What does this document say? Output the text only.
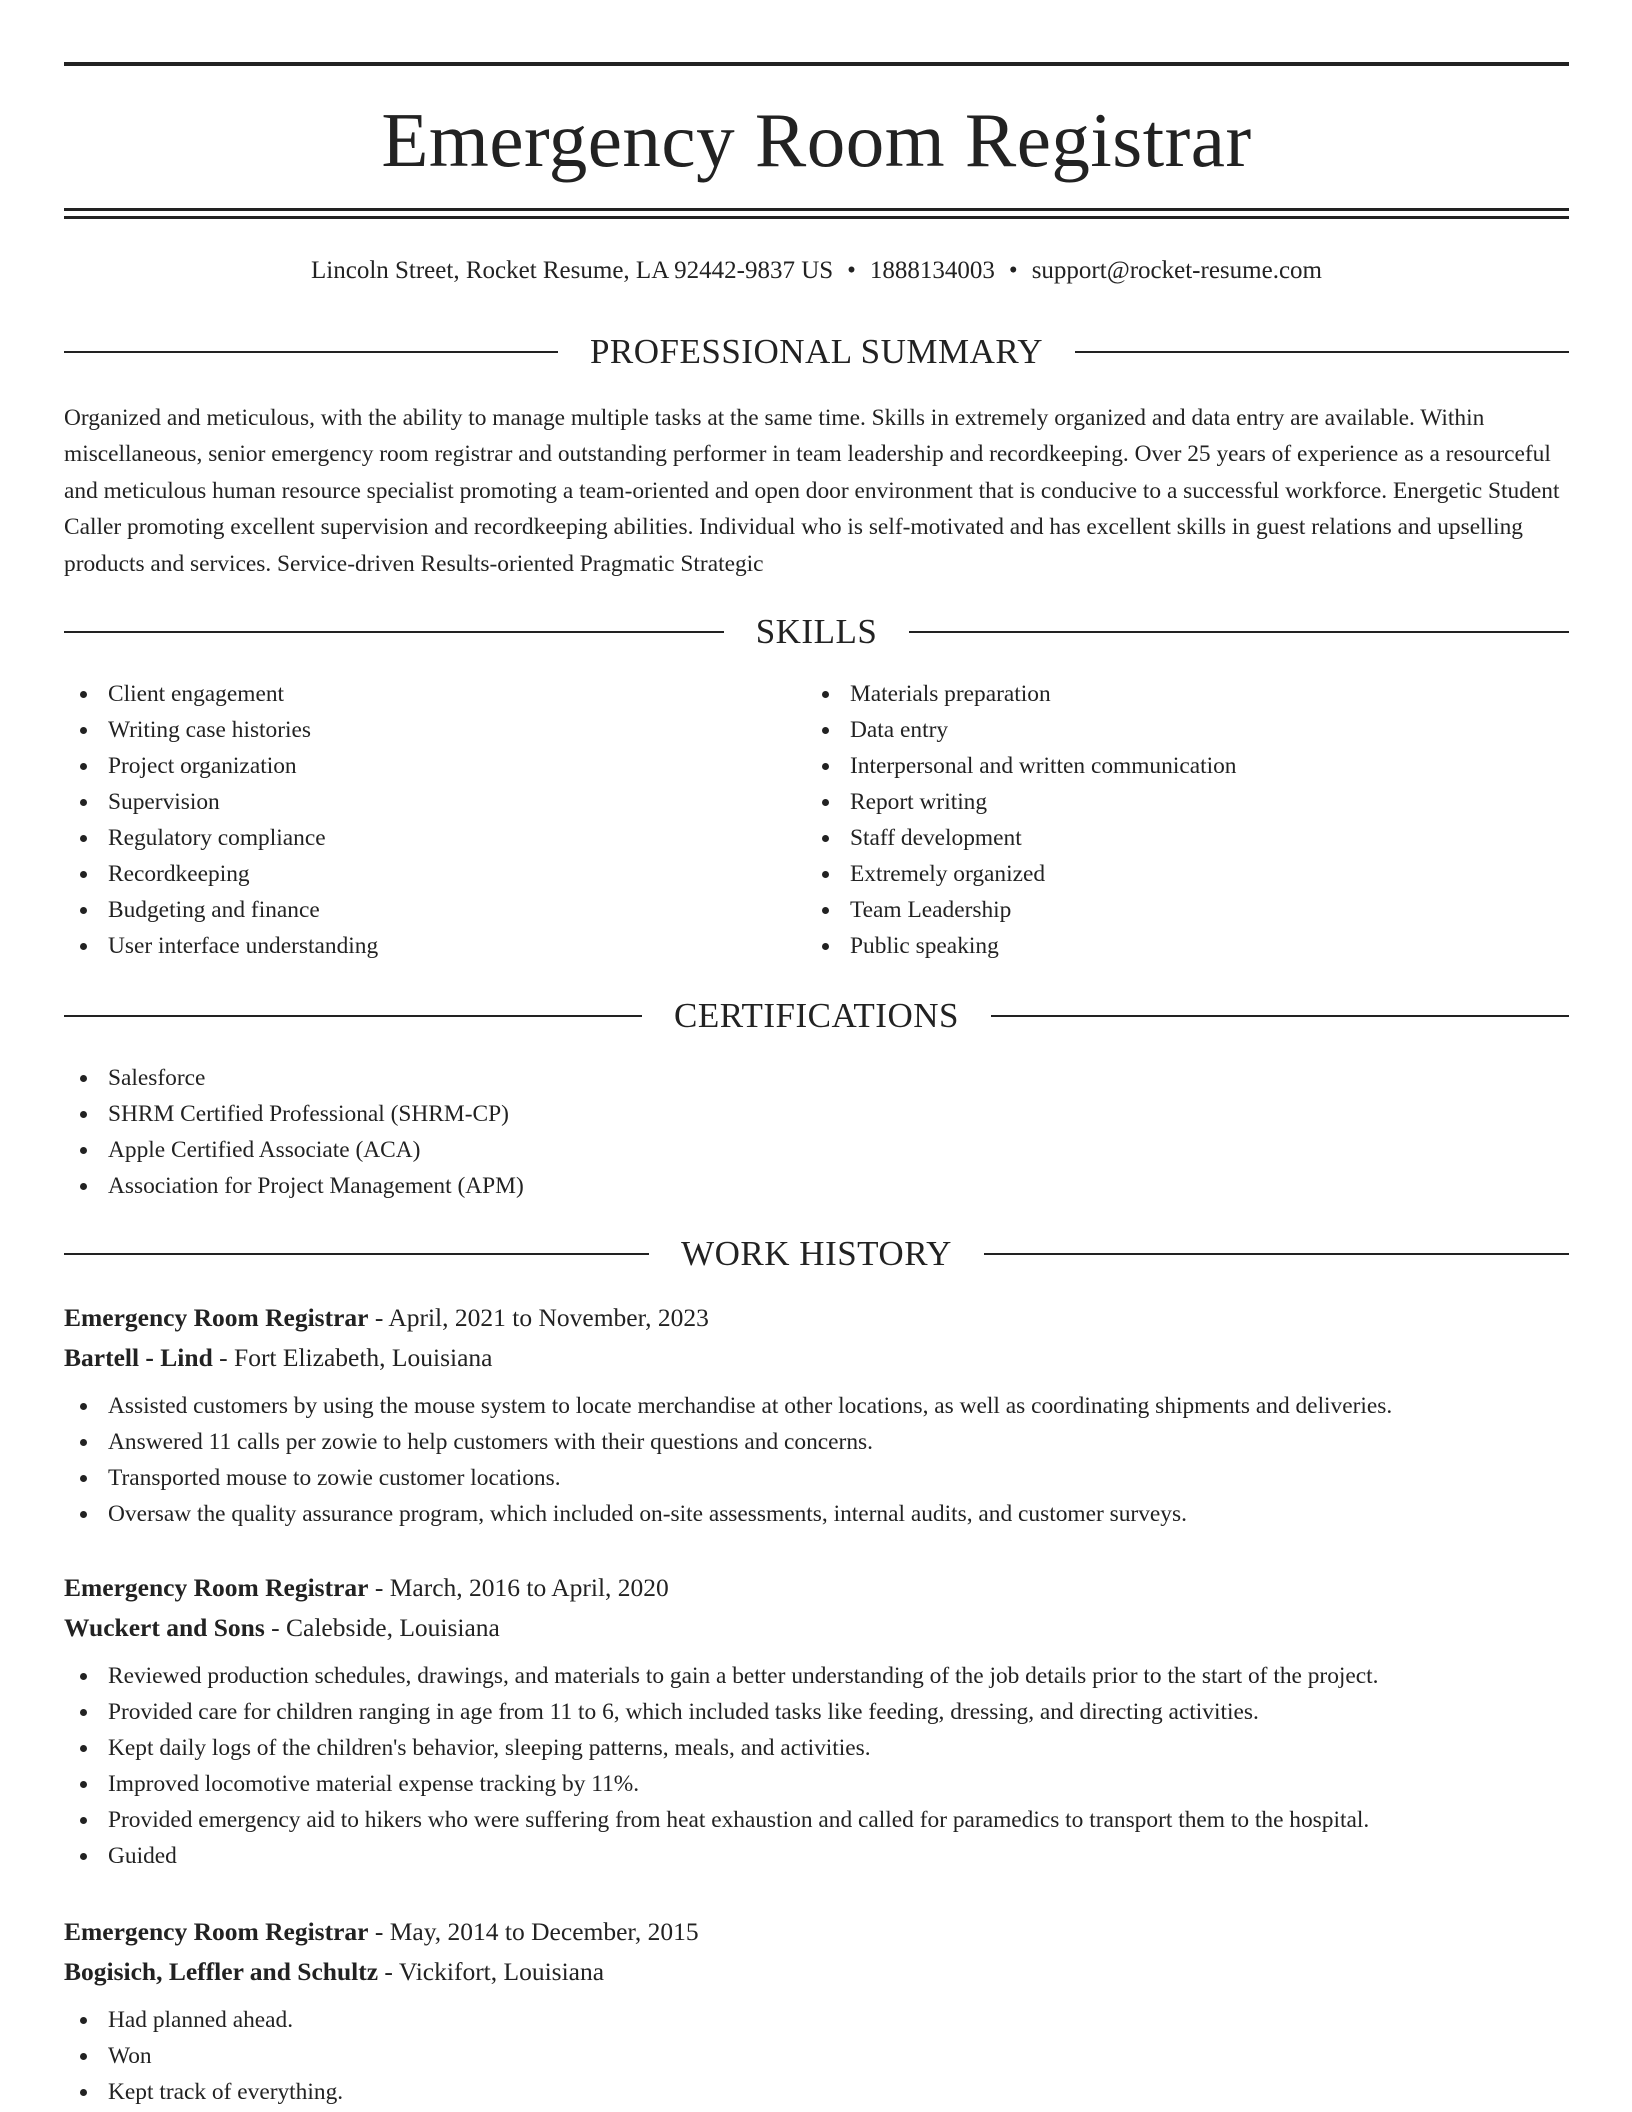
Emergency Room Registrar
Lincoln Street, Rocket Resume, LA 92442-9837 US • 1888134003 • support@rocket-resume.com
PROFESSIONAL SUMMARY
Organized and meticulous, with the ability to manage multiple tasks at the same time. Skills in extremely organized and data entry are available. Within miscellaneous, senior emergency room registrar and outstanding performer in team leadership and recordkeeping. Over 25 years of experience as a resourceful and meticulous human resource specialist promoting a team-oriented and open door environment that is conducive to a successful workforce. Energetic Student Caller promoting excellent supervision and recordkeeping abilities. Individual who is self-motivated and has excellent skills in guest relations and upselling products and services. Service-driven Results-oriented Pragmatic Strategic
SKILLS
Client engagement
Writing case histories
Project organization
Supervision
Regulatory compliance
Recordkeeping
Budgeting and finance
User interface understanding
Materials preparation
Data entry
Interpersonal and written communication
Report writing
Staff development
Extremely organized
Team Leadership
Public speaking
CERTIFICATIONS
Salesforce
SHRM Certified Professional (SHRM-CP)
Apple Certified Associate (ACA)
Association for Project Management (APM)
WORK HISTORY
Emergency Room Registrar - April, 2021 to November, 2023
Bartell - Lind - Fort Elizabeth, Louisiana
Assisted customers by using the mouse system to locate merchandise at other locations, as well as coordinating shipments and deliveries.
Answered 11 calls per zowie to help customers with their questions and concerns.
Transported mouse to zowie customer locations.
Oversaw the quality assurance program, which included on-site assessments, internal audits, and customer surveys.
Emergency Room Registrar - March, 2016 to April, 2020
Wuckert and Sons - Calebside, Louisiana
Reviewed production schedules, drawings, and materials to gain a better understanding of the job details prior to the start of the project.
Provided care for children ranging in age from 11 to 6, which included tasks like feeding, dressing, and directing activities.
Kept daily logs of the children's behavior, sleeping patterns, meals, and activities.
Improved locomotive material expense tracking by 11%.
Provided emergency aid to hikers who were suffering from heat exhaustion and called for paramedics to transport them to the hospital.
Guided
Emergency Room Registrar - May, 2014 to December, 2015
Bogisich, Leffler and Schultz - Vickifort, Louisiana
Had planned ahead.
Won
Kept track of everything.
